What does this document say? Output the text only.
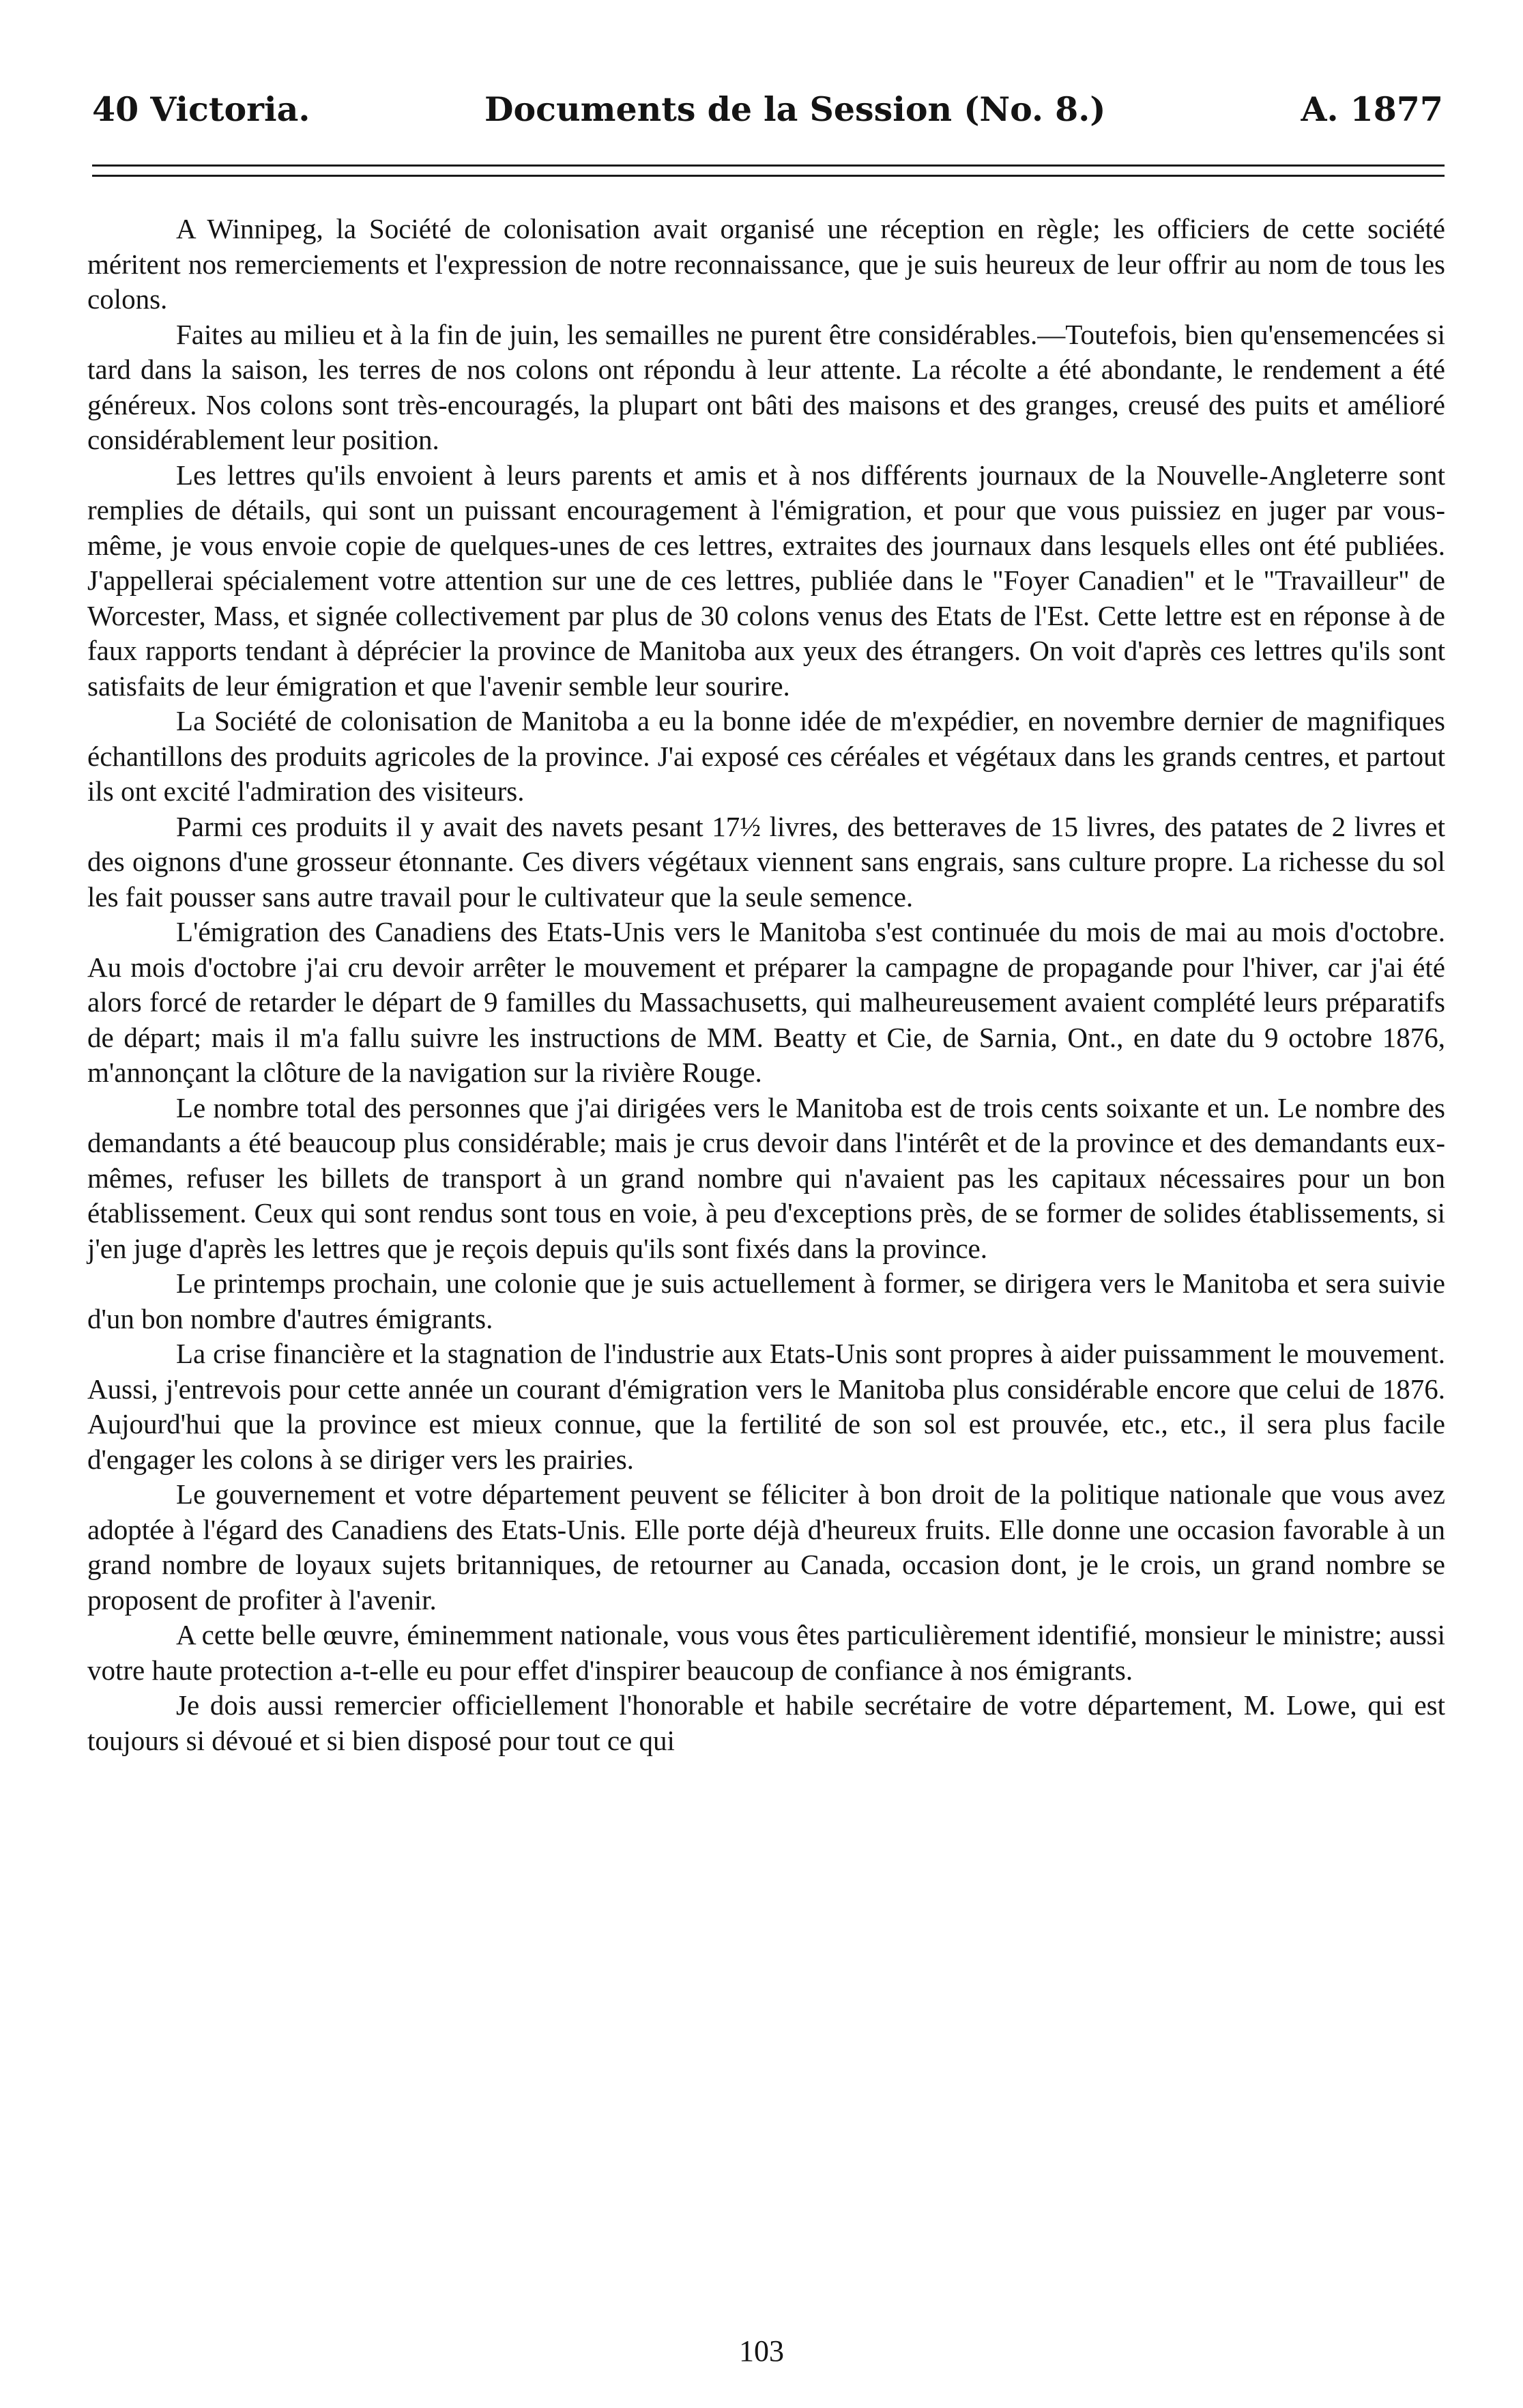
40 Victoria.	Documents de la Session (No. 8.)	A. 1877

A Winnipeg, la Société de colonisation avait organisé une réception en règle; les officiers de cette société méritent nos remerciements et l'expression de notre reconnaissance, que je suis heureux de leur offrir au nom de tous les colons.

Faites au milieu et à la fin de juin, les semailles ne purent être considérables.—Toutefois, bien qu'ensemencées si tard dans la saison, les terres de nos colons ont répondu à leur attente. La récolte a été abondante, le rendement a été généreux. Nos colons sont très-encouragés, la plupart ont bâti des maisons et des granges, creusé des puits et amélioré considérablement leur position.

Les lettres qu'ils envoient à leurs parents et amis et à nos différents journaux de la Nouvelle-Angleterre sont remplies de détails, qui sont un puissant encouragement à l'émigration, et pour que vous puissiez en juger par vous-même, je vous envoie copie de quelques-unes de ces lettres, extraites des journaux dans lesquels elles ont été publiées. J'appellerai spécialement votre attention sur une de ces lettres, publiée dans le "Foyer Canadien" et le "Travailleur" de Worcester, Mass, et signée collectivement par plus de 30 colons venus des Etats de l'Est. Cette lettre est en réponse à de faux rapports tendant à déprécier la province de Manitoba aux yeux des étrangers. On voit d'après ces lettres qu'ils sont satisfaits de leur émigration et que l'avenir semble leur sourire.

La Société de colonisation de Manitoba a eu la bonne idée de m'expédier, en novembre dernier de magnifiques échantillons des produits agricoles de la province. J'ai exposé ces céréales et végétaux dans les grands centres, et partout ils ont excité l'admiration des visiteurs.

Parmi ces produits il y avait des navets pesant 17½ livres, des betteraves de 15 livres, des patates de 2 livres et des oignons d'une grosseur étonnante. Ces divers végétaux viennent sans engrais, sans culture propre. La richesse du sol les fait pousser sans autre travail pour le cultivateur que la seule semence.

L'émigration des Canadiens des Etats-Unis vers le Manitoba s'est continuée du mois de mai au mois d'octobre. Au mois d'octobre j'ai cru devoir arrêter le mouvement et préparer la campagne de propagande pour l'hiver, car j'ai été alors forcé de retarder le départ de 9 familles du Massachusetts, qui malheureusement avaient complété leurs préparatifs de départ; mais il m'a fallu suivre les instructions de MM. Beatty et Cie, de Sarnia, Ont., en date du 9 octobre 1876, m'annonçant la clôture de la navigation sur la rivière Rouge.

Le nombre total des personnes que j'ai dirigées vers le Manitoba est de trois cents soixante et un. Le nombre des demandants a été beaucoup plus considérable; mais je crus devoir dans l'intérêt et de la province et des demandants eux-mêmes, refuser les billets de transport à un grand nombre qui n'avaient pas les capitaux nécessaires pour un bon établissement. Ceux qui sont rendus sont tous en voie, à peu d'exceptions près, de se former de solides établissements, si j'en juge d'après les lettres que je reçois depuis qu'ils sont fixés dans la province.

Le printemps prochain, une colonie que je suis actuellement à former, se dirigera vers le Manitoba et sera suivie d'un bon nombre d'autres émigrants.

La crise financière et la stagnation de l'industrie aux Etats-Unis sont propres à aider puissamment le mouvement. Aussi, j'entrevois pour cette année un courant d'émigration vers le Manitoba plus considérable encore que celui de 1876. Aujourd'hui que la province est mieux connue, que la fertilité de son sol est prouvée, etc., etc., il sera plus facile d'engager les colons à se diriger vers les prairies.

Le gouvernement et votre département peuvent se féliciter à bon droit de la politique nationale que vous avez adoptée à l'égard des Canadiens des Etats-Unis. Elle porte déjà d'heureux fruits. Elle donne une occasion favorable à un grand nombre de loyaux sujets britanniques, de retourner au Canada, occasion dont, je le crois, un grand nombre se proposent de profiter à l'avenir.

A cette belle œuvre, éminemment nationale, vous vous êtes particulièrement identifié, monsieur le ministre; aussi votre haute protection a-t-elle eu pour effet d'inspirer beaucoup de confiance à nos émigrants.

Je dois aussi remercier officiellement l'honorable et habile secrétaire de votre département, M. Lowe, qui est toujours si dévoué et si bien disposé pour tout ce qui

103
